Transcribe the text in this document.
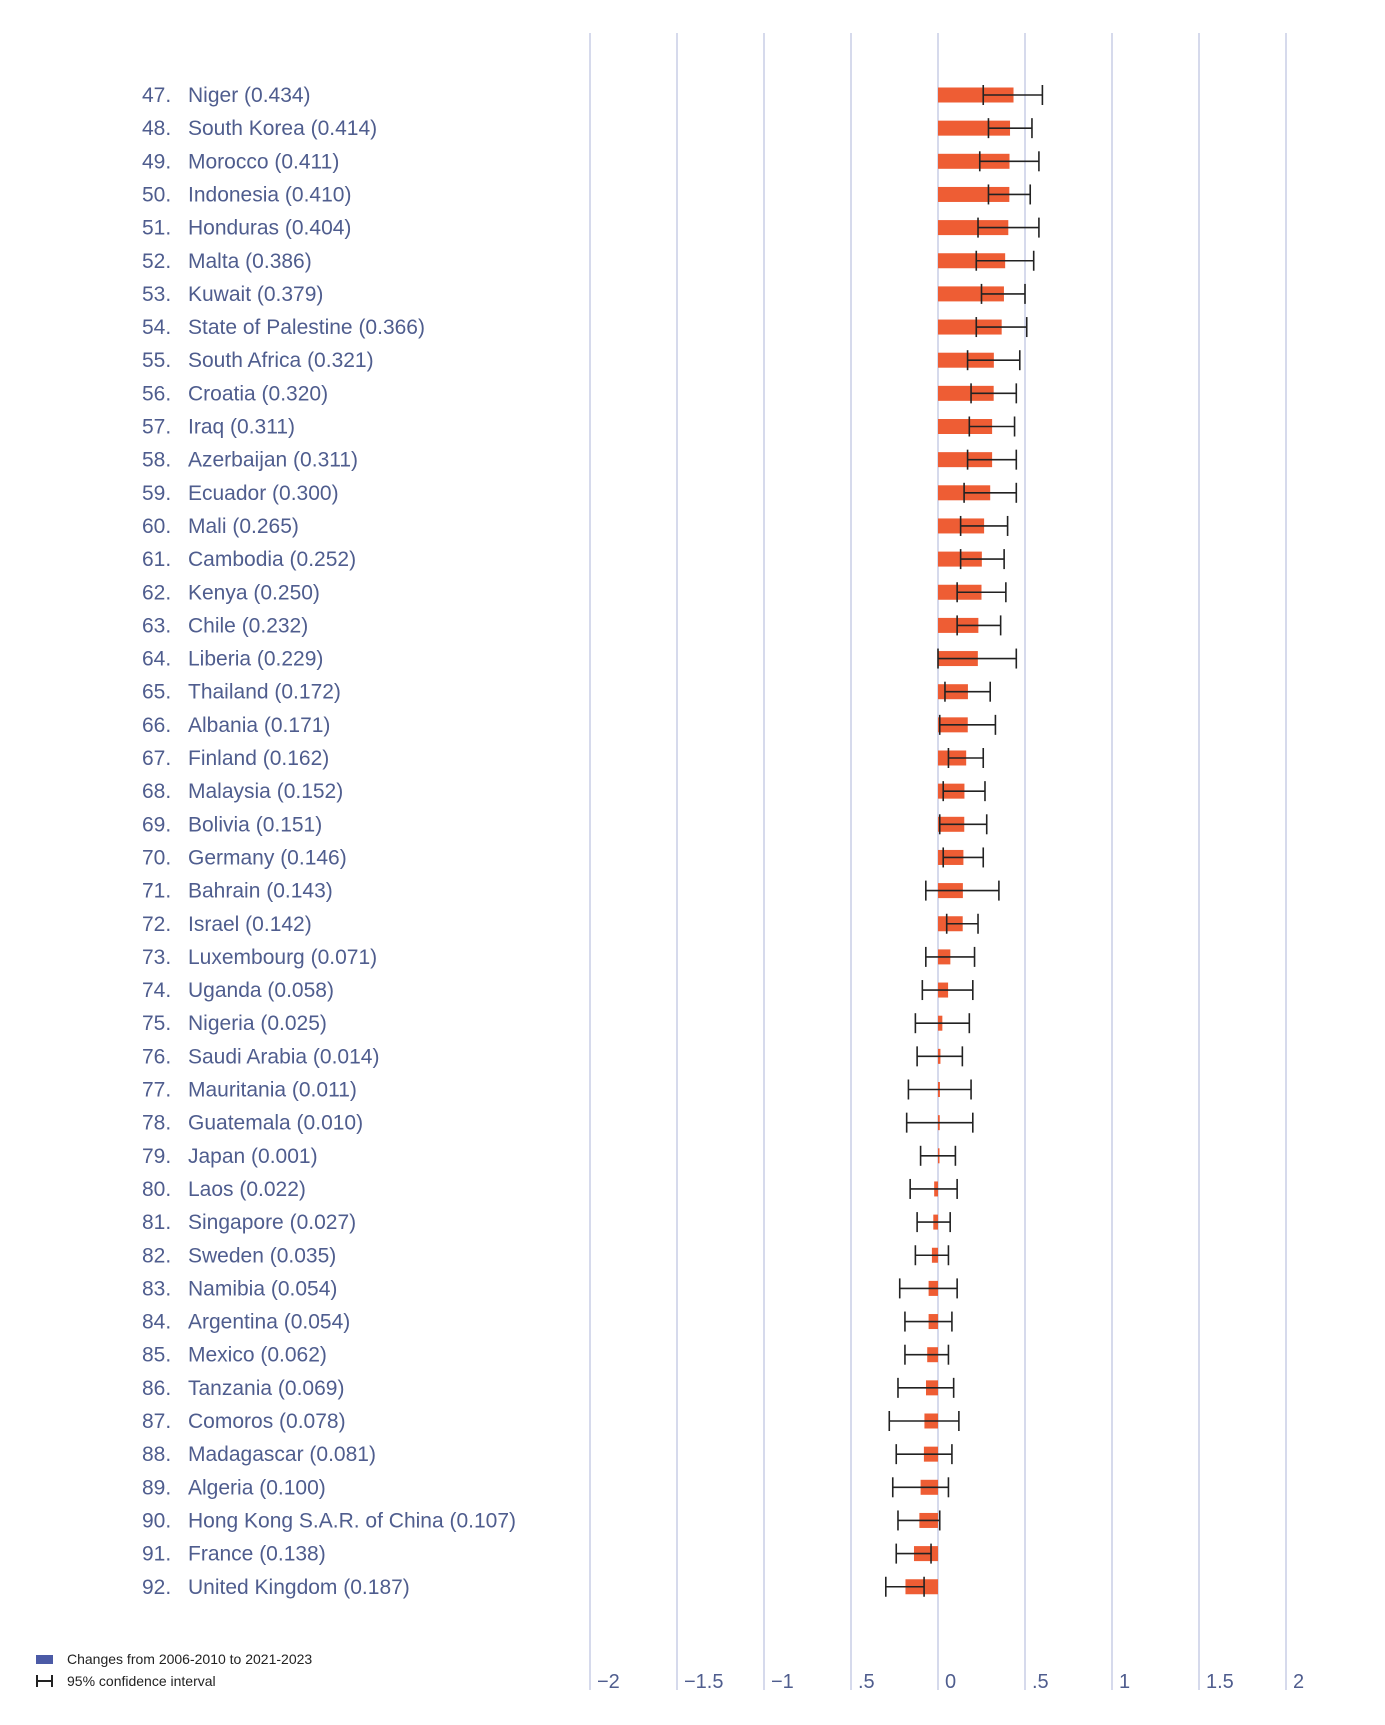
47. Niger (0.434)
48. South Korea (0.414)
49. Morocco (0.411)
50. Indonesia (0.410)
51. Honduras (0.404)
52. Malta (0.386)
53. Kuwait (0.379)
54. State of Palestine (0.366)
55. South Africa (0.321)
56. Croatia (0.320)
57. Iraq (0.311)
58. Azerbaijan (0.311)
59. Ecuador (0.300)
60. Mali (0.265)
61. Cambodia (0.252)
62. Kenya (0.250)
63. Chile (0.232)
64. Liberia (0.229)
65. Thailand (0.172)
66. Albania (0.171)
67. Finland (0.162)
68. Malaysia (0.152)
69. Bolivia (0.151)
70. Germany (0.146)
71. Bahrain (0.143)
72. Israel (0.142)
73. Luxembourg (0.071)
74. Uganda (0.058)
75. Nigeria (0.025)
76. Saudi Arabia (0.014)
77. Mauritania (0.011)
78. Guatemala (0.010)
79. Japan (0.001)
80. Laos (0.022)
81. Singapore (0.027)
82. Sweden (0.035)
83. Namibia (0.054)
84. Argentina (0.054)
85. Mexico (0.062)
86. Tanzania (0.069)
87. Comoros (0.078)
88. Madagascar (0.081)
89. Algeria (0.100)
90. Hong Kong S.A.R. of China (0.107)
91. France (0.138)
92. United Kingdom (0.187)
−2	−1.5 −1	.5	0	.5	1	1.5	2
Changes from 2006-2010 to 2021-2023
95% confidence interval
